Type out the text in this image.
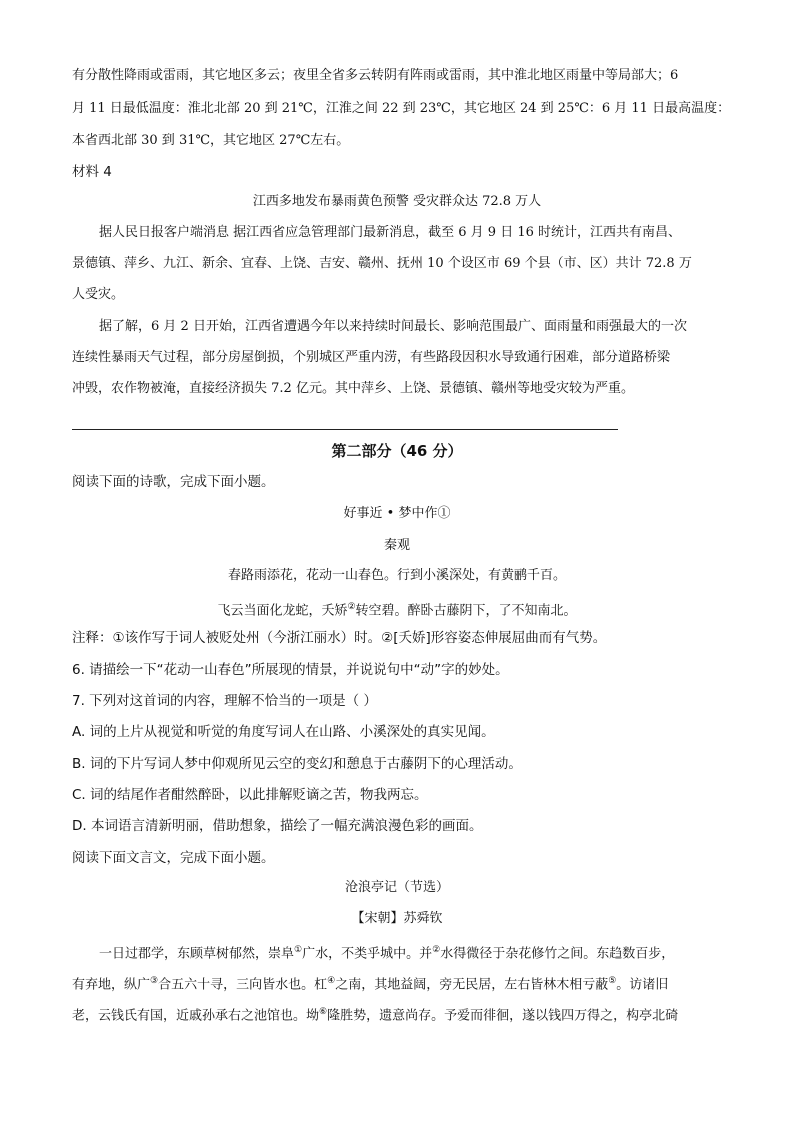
有分散性降雨或雷雨，其它地区多云；夜里全省多云转阴有阵雨或雷雨，其中淮北地区雨量中等局部大；6
月 11 日最低温度：淮北北部 20 到 21℃，江淮之间 22 到 23℃，其它地区 24 到 25℃：6 月 11 日最高温度：
本省西北部 30 到 31℃，其它地区 27℃左右。
材料 4
江西多地发布暴雨黄色预警 受灾群众达 72.8 万人
据人民日报客户端消息 据江西省应急管理部门最新消息，截至 6 月 9 日 16 时统计，江西共有南昌、
景德镇、萍乡、九江、新余、宜春、上饶、吉安、赣州、抚州 10 个设区市 69 个县（市、区）共计 72.8 万
人受灾。
据了解，6 月 2 日开始，江西省遭遇今年以来持续时间最长、影响范围最广、面雨量和雨强最大的一次
连续性暴雨天气过程，部分房屋倒损，个别城区严重内涝，有些路段因积水导致通行困难，部分道路桥梁
冲毁，农作物被淹，直接经济损失 7.2 亿元。其中萍乡、上饶、景德镇、赣州等地受灾较为严重。
第二部分（46 分）
阅读下面的诗歌，完成下面小题。
好事近 • 梦中作①
秦观
春路雨添花，花动一山春色。行到小溪深处，有黄鹂千百。
飞云当面化龙蛇，夭矫②转空碧。醉卧古藤阴下，了不知南北。
注释：①该作写于词人被贬处州（今浙江丽水）时。②[夭娇]形容姿态伸展屈曲而有气势。
6. 请描绘一下“花动一山春色”所展现的情景，并说说句中“动”字的妙处。
7. 下列对这首词的内容，理解不恰当的一项是（ ）
A. 词的上片从视觉和听觉的角度写词人在山路、小溪深处的真实见闻。
B. 词的下片写词人梦中仰观所见云空的变幻和憩息于古藤阴下的心理活动。
C. 词的结尾作者酣然醉卧，以此排解贬谪之苦，物我两忘。
D. 本词语言清新明丽，借助想象，描绘了一幅充满浪漫色彩的画面。
阅读下面文言文，完成下面小题。
沧浪亭记（节选）
【宋朝】苏舜钦
一日过郡学，东顾草树郁然，崇阜①广水，不类乎城中。并②水得微径于杂花修竹之间。东趋数百步，
有弃地，纵广③合五六十寻，三向皆水也。杠④之南，其地益阔，旁无民居，左右皆林木相亏蔽⑤。访诸旧
老，云钱氏有国，近戚孙承右之池馆也。坳⑥隆胜势，遗意尚存。予爱而徘徊，遂以钱四万得之，构亭北碕
